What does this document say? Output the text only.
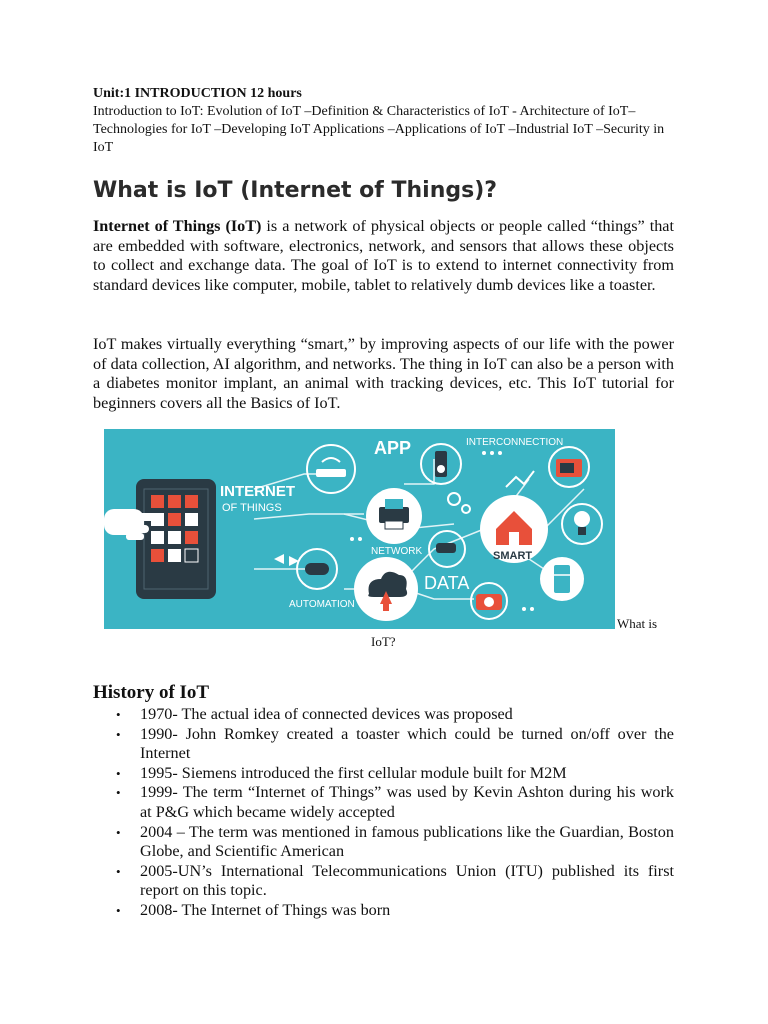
Unit:1 INTRODUCTION 12 hours
Introduction to IoT: Evolution of IoT –Definition & Characteristics of IoT - Architecture of IoT–Technologies for IoT –Developing IoT Applications –Applications of IoT –Industrial IoT –Security in IoT
What is IoT (Internet of Things)?

Internet of Things (IoT) is a network of physical objects or people called “things” that are embedded with software, electronics, network, and sensors that allows these objects to collect and exchange data. The goal of IoT is to extend to internet connectivity from standard devices like computer, mobile, tablet to relatively dumb devices like a toaster.

IoT makes virtually everything “smart,” by improving aspects of our life with the power of data collection, AI algorithm, and networks. The thing in IoT can also be a person with a diabetes monitor implant, an animal with tracking devices, etc. This IoT tutorial for beginners covers all the Basics of IoT.

INTERNET
OF THINGS
APP	INTERCONNECTION
SMART
NETWORK
DATA
AUTOMATION
What is
IoT?
History of IoT
• 1970- The actual idea of connected devices was proposed
• 1990- John Romkey created a toaster which could be turned on/off over the Internet
• 1995- Siemens introduced the first cellular module built for M2M
• 1999- The term “Internet of Things” was used by Kevin Ashton during his work at P&G which became widely accepted
• 2004 – The term was mentioned in famous publications like the Guardian, Boston Globe, and Scientific American
• 2005-UN’s International Telecommunications Union (ITU) published its first report on this topic.
• 2008- The Internet of Things was born
